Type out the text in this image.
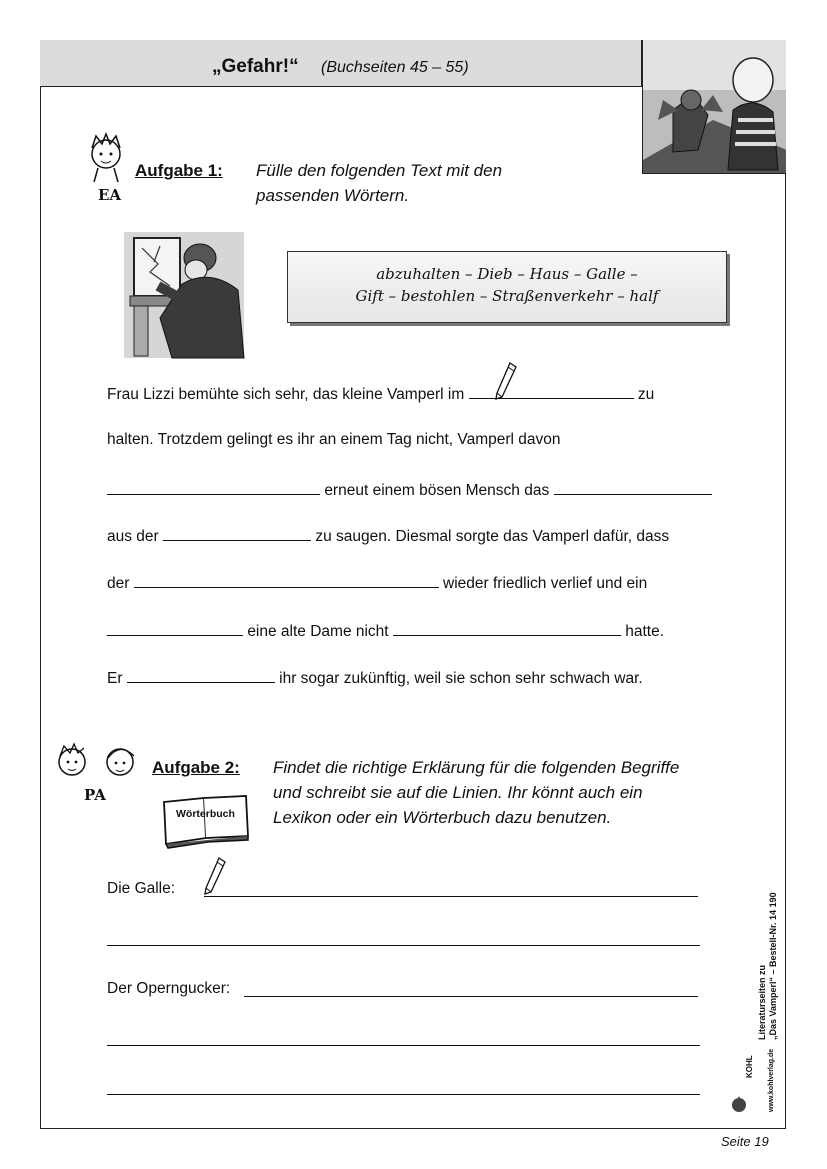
„Gefahr!“ (Buchseiten 45 – 55)
EA
Aufgabe 1: Fülle den folgenden Text mit den
passenden Wörtern.
abzuhalten – Dieb – Haus – Galle –
Gift – bestohlen – Straßenverkehr – half
Frau Lizzi bemühte sich sehr, das kleine Vamperl im	zu
halten. Trotzdem gelingt es ihr an einem Tag nicht, Vamperl davon
erneut einem bösen Mensch das
aus der	zu saugen. Diesmal sorgte das Vamperl dafür, dass
der	wieder friedlich verlief und ein
eine alte Dame nicht	hatte.
Er	ihr sogar zukünftig, weil sie schon sehr schwach war.
PA
Aufgabe 2: Findet die richtige Erklärung für die folgenden Begriffe
und schreibt sie auf die Linien. Ihr könnt auch ein
Lexikon oder ein Wörterbuch dazu benutzen.
Wörterbuch
Die Galle:
Der Operngucker:	Literaturseiten zu „Das Vamperl“ – Bestell-Nr. 14 190
KOHL www.kohlverlag.de
Seite 19
